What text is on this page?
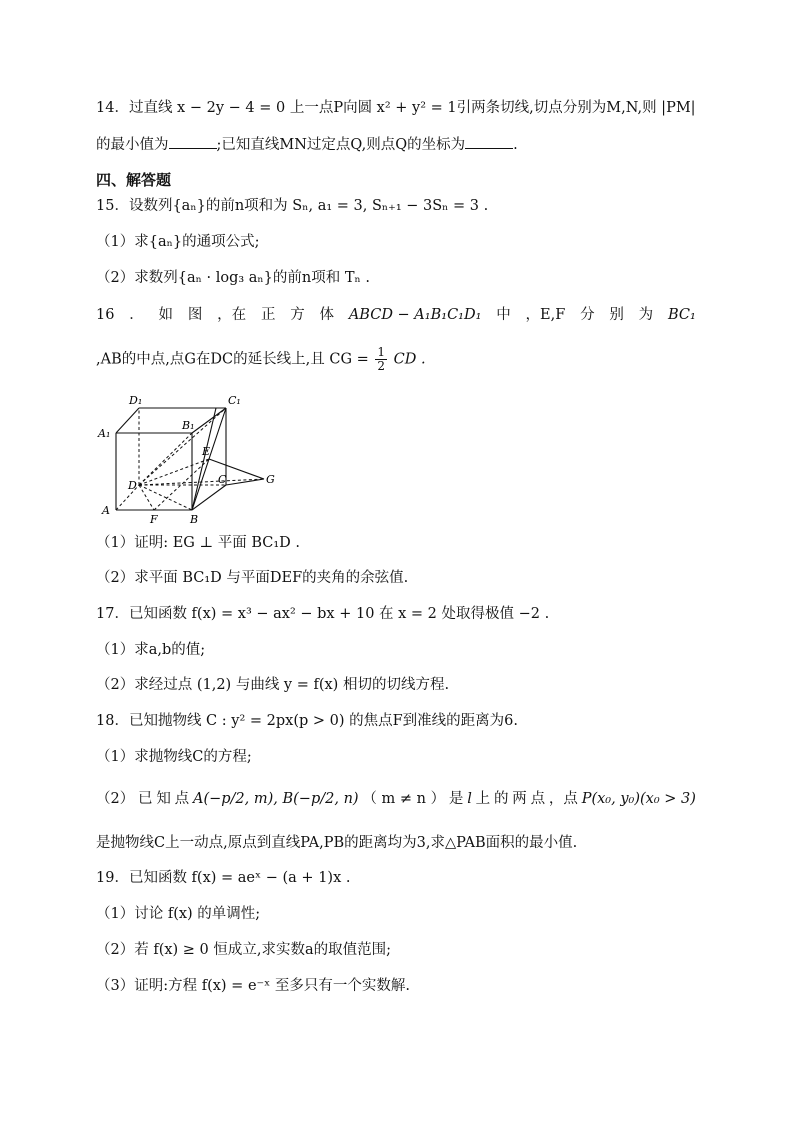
14．过直线 x − 2y − 4 = 0 上一点P向圆 x² + y² = 1引两条切线,切点分别为M,N,则 |PM|
的最小值为	;已知直线MN过定点Q,则点Q的坐标为	.
四、解答题
15．设数列{aₙ}的前n项和为 Sₙ, a₁ = 3, Sₙ₊₁ − 3Sₙ = 3 .
（1）求{aₙ}的通项公式;
（2）求数列{aₙ · log₃ aₙ}的前n项和 Tₙ .
16 ． 如 图 ，在 正 方 体 ABCD − A₁B₁C₁D₁ 中 ，E,F 分 别 为 BC₁
,AB的中点,点G在DC的延长线上,且 CG = $\frac{1}{2}$ CD .
D₁	C₁
A₁
B₁
E
D	C	G
A
F	B
（1）证明: EG ⊥ 平面 BC₁D .
（2）求平面 BC₁D 与平面DEF的夹角的余弦值.
17．已知函数 f(x) = x³ − ax² − bx + 10 在 x = 2 处取得极值 −2 .
（1）求a,b的值;
（2）求经过点 (1,2) 与曲线 y = f(x) 相切的切线方程.
18．已知抛物线 C : y² = 2px(p > 0) 的焦点F到准线的距离为6.
（1）求抛物线C的方程;
（2） 已 知 点 A(−p/2, m), B(−p/2, n) （ m ≠ n ） 是 l 上 的 两 点 ，点 P(x₀, y₀)(x₀ > 3)
是抛物线C上一动点,原点到直线PA,PB的距离均为3,求△PAB面积的最小值.
19．已知函数 f(x) = aeˣ − (a + 1)x .
（1）讨论 f(x) 的单调性;
（2）若 f(x) ≥ 0 恒成立,求实数a的取值范围;
（3）证明:方程 f(x) = e⁻ˣ 至多只有一个实数解.
